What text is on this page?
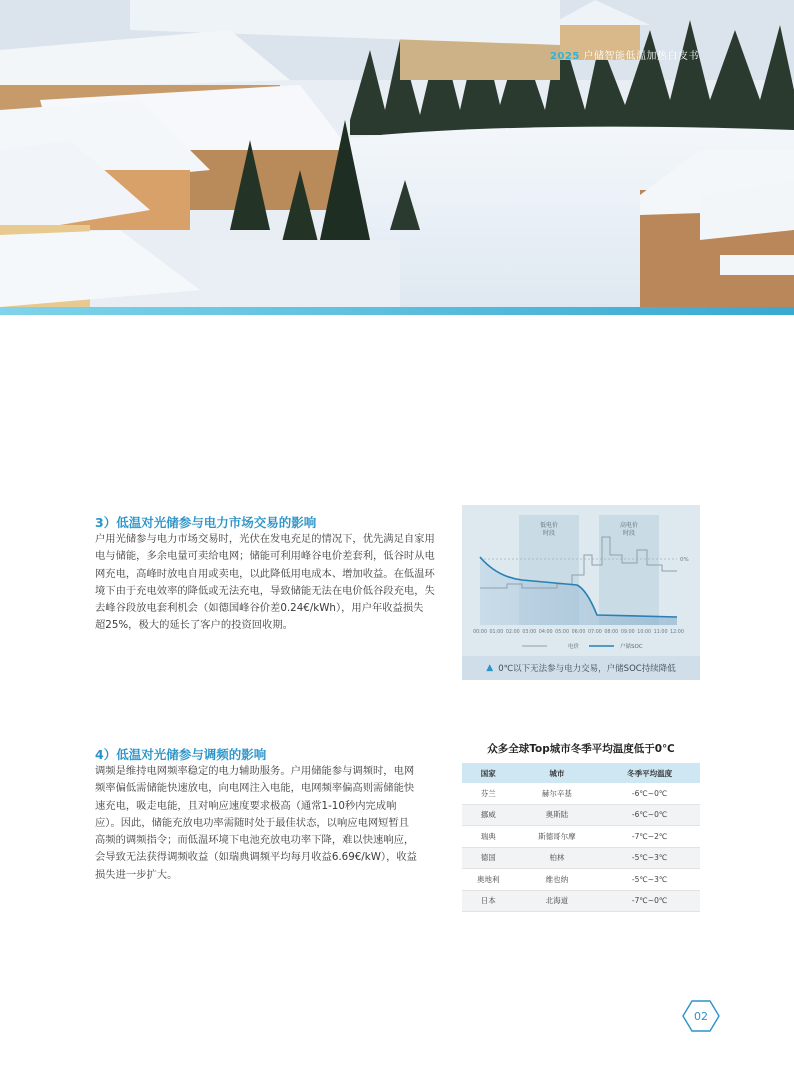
2025 户储智能低温加热白皮书
3）低温对光储参与电力市场交易的影响
户用光储参与电力市场交易时，光伏在发电充足的情况下，优先满足自家用
电与储能，多余电量可卖给电网；储能可利用峰谷电价差套利，低谷时从电
网充电，高峰时放电自用或卖电，以此降低用电成本、增加收益。在低温环
境下由于充电效率的降低或无法充电，导致储能无法在电价低谷段充电，失
去峰谷段放电套利机会（如德国峰谷价差0.24€/kWh），用户年收益损失
超25%，极大的延长了客户的投资回收期。
低电价
时段
高电价
时段
0%
00:00 01:00 02:00 03:00 04:00 05:00 06:00 07:00 08:00 09:00 10:00 11:00 12:00
电价	户储SOC
▲ 0℃以下无法参与电力交易，户储SOC持续降低
4）低温对光储参与调频的影响
调频是维持电网频率稳定的电力辅助服务。户用储能参与调频时，电网
频率偏低需储能快速放电，向电网注入电能，电网频率偏高则需储能快
速充电，吸走电能，且对响应速度要求极高（通常1-10秒内完成响
应）。因此，储能充放电功率需随时处于最佳状态，以响应电网短暂且
高频的调频指令；而低温环境下电池充放电功率下降，难以快速响应，
会导致无法获得调频收益（如瑞典调频平均每月收益6.69€/kW），收益
损失进一步扩大。
众多全球Top城市冬季平均温度低于0℃
国家	城市	冬季平均温度
芬兰	赫尔辛基	-6℃~0℃
挪威	奥斯陆	-6℃~0℃
瑞典	斯德哥尔摩	-7℃~2℃
德国	柏林	-5℃~3℃
奥地利	维也纳	-5℃~3℃
日本	北海道	-7℃~0℃
02
